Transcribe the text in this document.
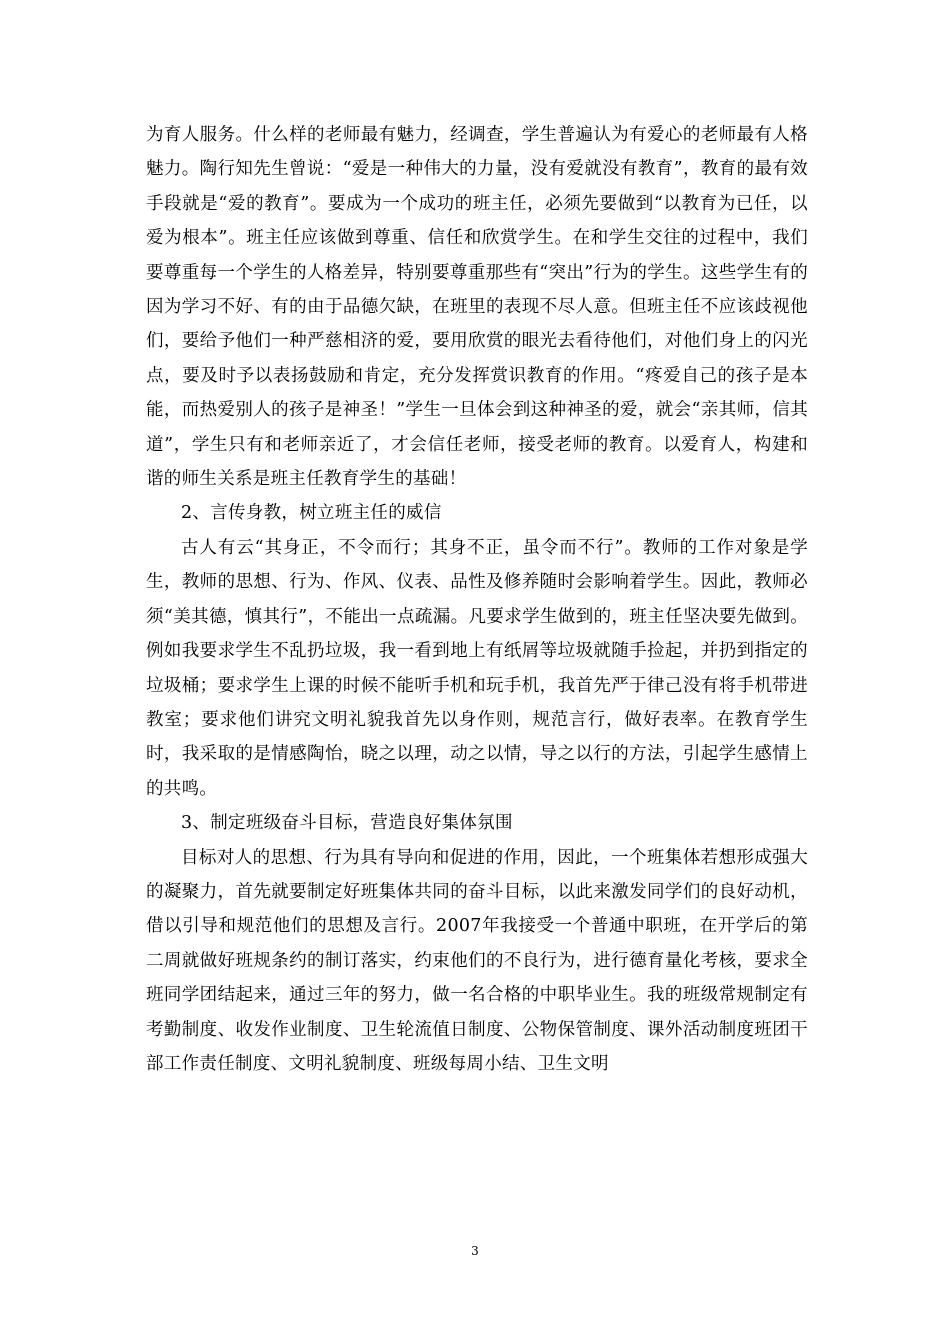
为育人服务。什么样的老师最有魅力，经调查，学生普遍认为有爱心的老师最有人格魅力。陶行知先生曾说：“爱是一种伟大的力量，没有爱就没有教育”，教育的最有效手段就是“爱的教育”。要成为一个成功的班主任，必须先要做到“以教育为已任，以爱为根本”。班主任应该做到尊重、信任和欣赏学生。在和学生交往的过程中，我们要尊重每一个学生的人格差异，特别要尊重那些有“突出”行为的学生。这些学生有的因为学习不好、有的由于品德欠缺，在班里的表现不尽人意。但班主任不应该歧视他们，要给予他们一种严慈相济的爱，要用欣赏的眼光去看待他们，对他们身上的闪光点，要及时予以表扬鼓励和肯定，充分发挥赏识教育的作用。“疼爱自己的孩子是本能，而热爱别人的孩子是神圣！”学生一旦体会到这种神圣的爱，就会“亲其师，信其道”，学生只有和老师亲近了，才会信任老师，接受老师的教育。以爱育人，构建和谐的师生关系是班主任教育学生的基础！

2、言传身教，树立班主任的威信

古人有云“其身正，不令而行；其身不正，虽令而不行”。教师的工作对象是学生，教师的思想、行为、作风、仪表、品性及修养随时会影响着学生。因此，教师必须“美其德，慎其行”，不能出一点疏漏。凡要求学生做到的，班主任坚决要先做到。例如我要求学生不乱扔垃圾，我一看到地上有纸屑等垃圾就随手捡起，并扔到指定的垃圾桶；要求学生上课的时候不能听手机和玩手机，我首先严于律己没有将手机带进教室；要求他们讲究文明礼貌我首先以身作则，规范言行，做好表率。在教育学生时，我采取的是情感陶怡，晓之以理，动之以情，导之以行的方法，引起学生感情上的共鸣。

3、制定班级奋斗目标，营造良好集体氛围

目标对人的思想、行为具有导向和促进的作用，因此，一个班集体若想形成强大的凝聚力，首先就要制定好班集体共同的奋斗目标，以此来激发同学们的良好动机，借以引导和规范他们的思想及言行。2007年我接受一个普通中职班，在开学后的第二周就做好班规条约的制订落实，约束他们的不良行为，进行德育量化考核，要求全班同学团结起来，通过三年的努力，做一名合格的中职毕业生。我的班级常规制定有考勤制度、收发作业制度、卫生轮流值日制度、公物保管制度、课外活动制度班团干部工作责任制度、文明礼貌制度、班级每周小结、卫生文明

3
